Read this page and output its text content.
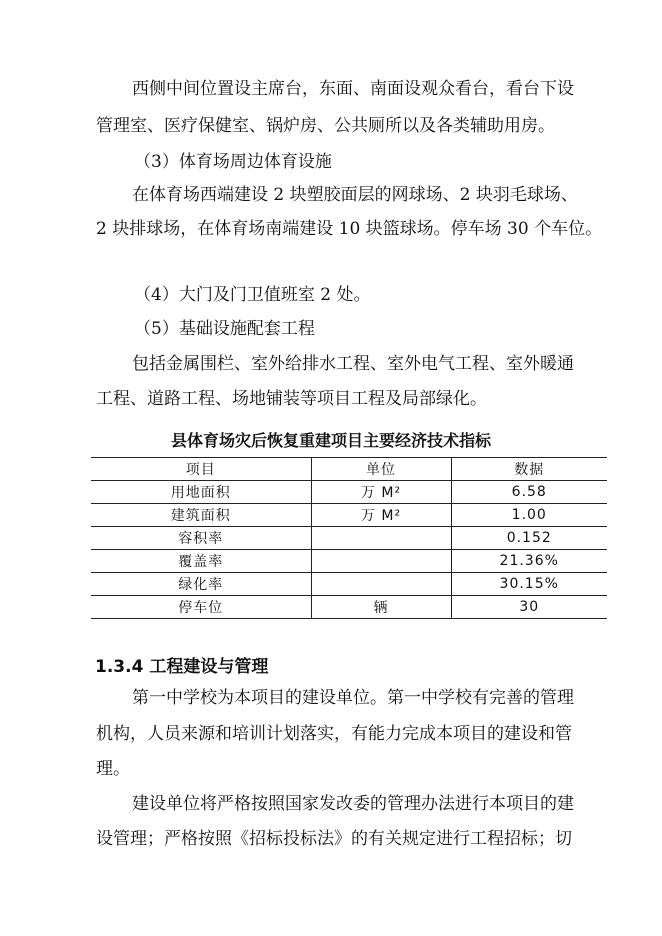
西侧中间位置设主席台，东面、南面设观众看台，看台下设

管理室、医疗保健室、锅炉房、公共厕所以及各类辅助用房。

（3）体育场周边体育设施

在体育场西端建设 2 块塑胶面层的网球场、2 块羽毛球场、

2 块排球场，在体育场南端建设 10 块篮球场。停车场 30 个车位。

（4）大门及门卫值班室 2 处。

（5）基础设施配套工程

包括金属围栏、室外给排水工程、室外电气工程、室外暖通

工程、道路工程、场地铺装等项目工程及局部绿化。

县体育场灾后恢复重建项目主要经济技术指标
项目	单位	数据
用地面积	万 M²	6.58
建筑面积	万 M²	1.00
容积率		0.152
覆盖率		21.36%
绿化率		30.15%
停车位	辆	30
1.3.4 工程建设与管理

第一中学校为本项目的建设单位。第一中学校有完善的管理

机构，人员来源和培训计划落实，有能力完成本项目的建设和管

理。

建设单位将严格按照国家发改委的管理办法进行本项目的建

设管理；严格按照《招标投标法》的有关规定进行工程招标；切
